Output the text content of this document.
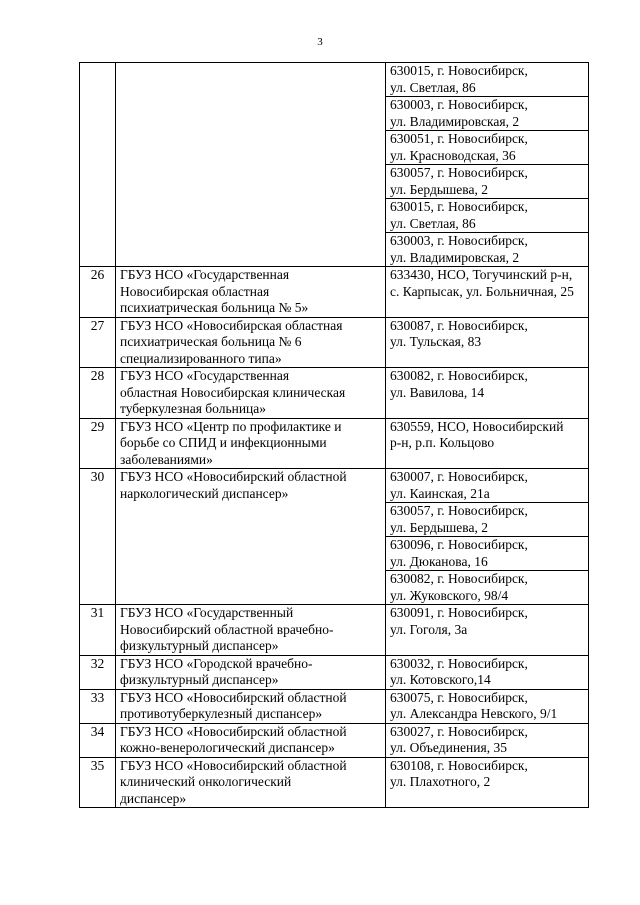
3

		630015, г. Новосибирск,
ул. Светлая, 86

		630003, г. Новосибирск,
ул. Владимировская, 2

		630051, г. Новосибирск,
ул. Красноводская, 36

		630057, г. Новосибирск,
ул. Бердышева, 2

		630015, г. Новосибирск,
ул. Светлая, 86

		630003, г. Новосибирск,
ул. Владимировская, 2

26	ГБУЗ НСО «Государственная
Новосибирская областная
психиатрическая больница № 5»	633430, НСО, Тогучинский р-н,
с. Карпысак, ул. Больничная, 25

27	ГБУЗ НСО «Новосибирская областная
психиатрическая больница № 6
специализированного типа»	630087, г. Новосибирск,
ул. Тульская, 83

28	ГБУЗ НСО «Государственная
областная Новосибирская клиническая
туберкулезная больница»	630082, г. Новосибирск,
ул. Вавилова, 14

29	ГБУЗ НСО «Центр по профилактике и
борьбе со СПИД и инфекционными
заболеваниями»	630559, НСО, Новосибирский
р-н, р.п. Кольцово

30	ГБУЗ НСО «Новосибирский областной
наркологический диспансер»	630007, г. Новосибирск,
ул. Каинская, 21а

		630057, г. Новосибирск,
ул. Бердышева, 2

		630096, г. Новосибирск,
ул. Дюканова, 16

		630082, г. Новосибирск,
ул. Жуковского, 98/4

31	ГБУЗ НСО «Государственный
Новосибирский областной врачебно-
физкультурный диспансер»	630091, г. Новосибирск,
ул. Гоголя, 3а

32	ГБУЗ НСО «Городской врачебно-
физкультурный диспансер»	630032, г. Новосибирск,
ул. Котовского,14

33	ГБУЗ НСО «Новосибирский областной
противотуберкулезный диспансер»	630075, г. Новосибирск,
ул. Александра Невского, 9/1

34	ГБУЗ НСО «Новосибирский областной
кожно-венерологический диспансер»	630027, г. Новосибирск,
ул. Объединения, 35

35	ГБУЗ НСО «Новосибирский областной
клинический онкологический
диспансер»	630108, г. Новосибирск,
ул. Плахотного, 2
